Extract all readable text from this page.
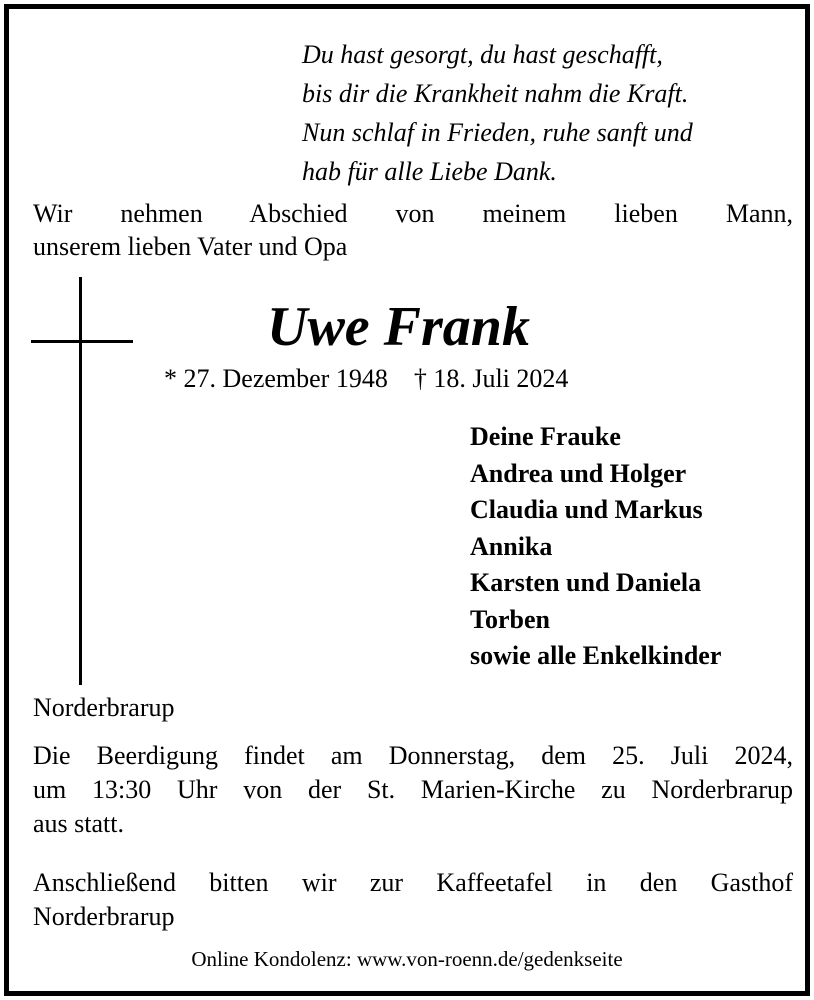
Du hast gesorgt, du hast geschafft,
bis dir die Krankheit nahm die Kraft.
Nun schlaf in Frieden, ruhe sanft und
hab für alle Liebe Dank.
Wir nehmen Abschied von meinem lieben Mann,
unserem lieben Vater und Opa
Uwe Frank
* 27. Dezember 1948 † 18. Juli 2024
Deine Frauke
Andrea und Holger
Claudia und Markus
Annika
Karsten und Daniela
Torben
sowie alle Enkelkinder
Norderbrarup
Die Beerdigung findet am Donnerstag, dem 25. Juli 2024,
um 13:30 Uhr von der St. Marien-Kirche zu Norderbrarup
aus statt.
Anschließend bitten wir zur Kaffeetafel in den Gasthof
Norderbrarup
Online Kondolenz: www.von-roenn.de/gedenkseite
